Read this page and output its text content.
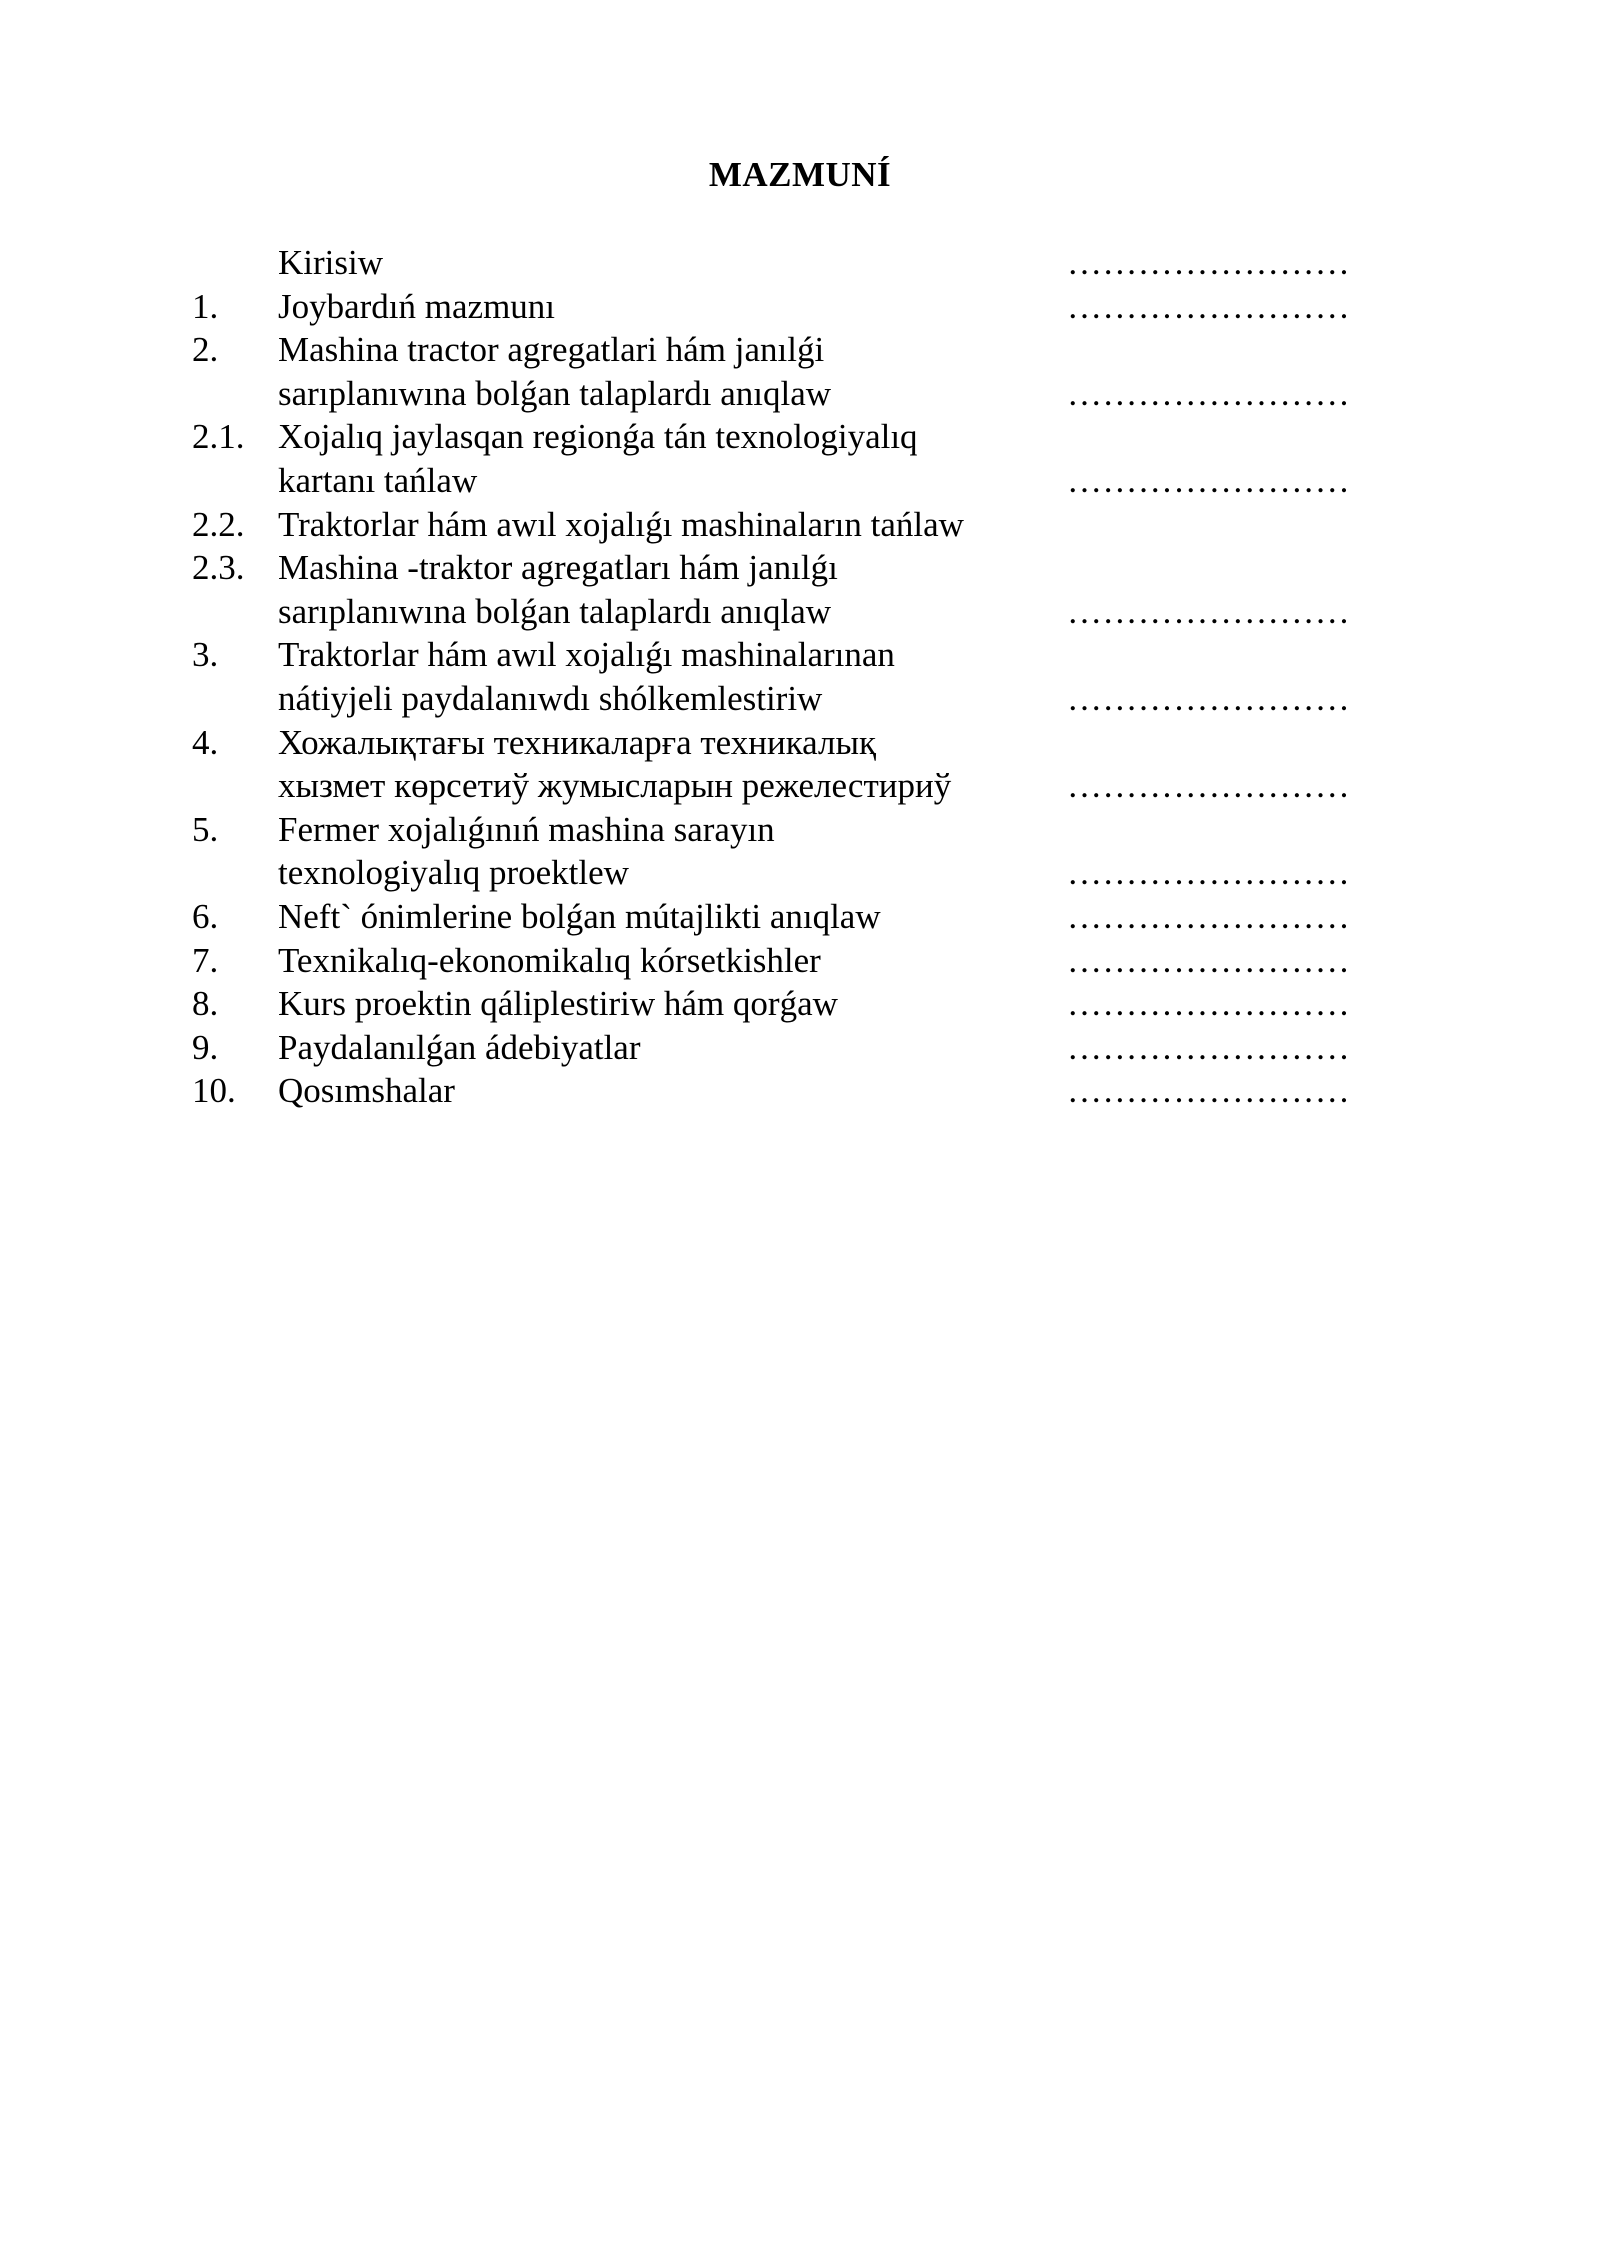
MAZMUNÍ
Kirisiw	……………………
1. Joybardıń mazmunı	……………………
2. Mashina tractor agregatlari hám janılǵi
sarıplanıwına bolǵan talaplardı anıqlaw	……………………
2.1. Xojalıq jaylasqan regionǵa tán texnologiyalıq
kartanı tańlaw	……………………
2.2. Traktorlar hám awıl xojalıǵı mashinaların tańlaw
2.3. Mashina -traktor agregatları hám janılǵı
sarıplanıwına bolǵan talaplardı anıqlaw	……………………
3. Traktorlar hám awıl xojalıǵı mashinalarınan
nátiyjeli paydalanıwdı shólkemlestiriw	……………………
4. Хожалықтағы техникаларға техникалық
хызмет көрсетиў жумысларын режелестириў	……………………
5. Fermer xojalıǵınıń mashina sarayın
texnologiyalıq proektlew	……………………
6. Neft` ónimlerine bolǵan mútajlikti anıqlaw	……………………
7. Texnikalıq-ekonomikalıq kórsetkishler	……………………
8. Kurs proektin qáliplestiriw hám qorǵaw	……………………
9. Paydalanılǵan ádebiyatlar	……………………
10. Qosımshalar	……………………
